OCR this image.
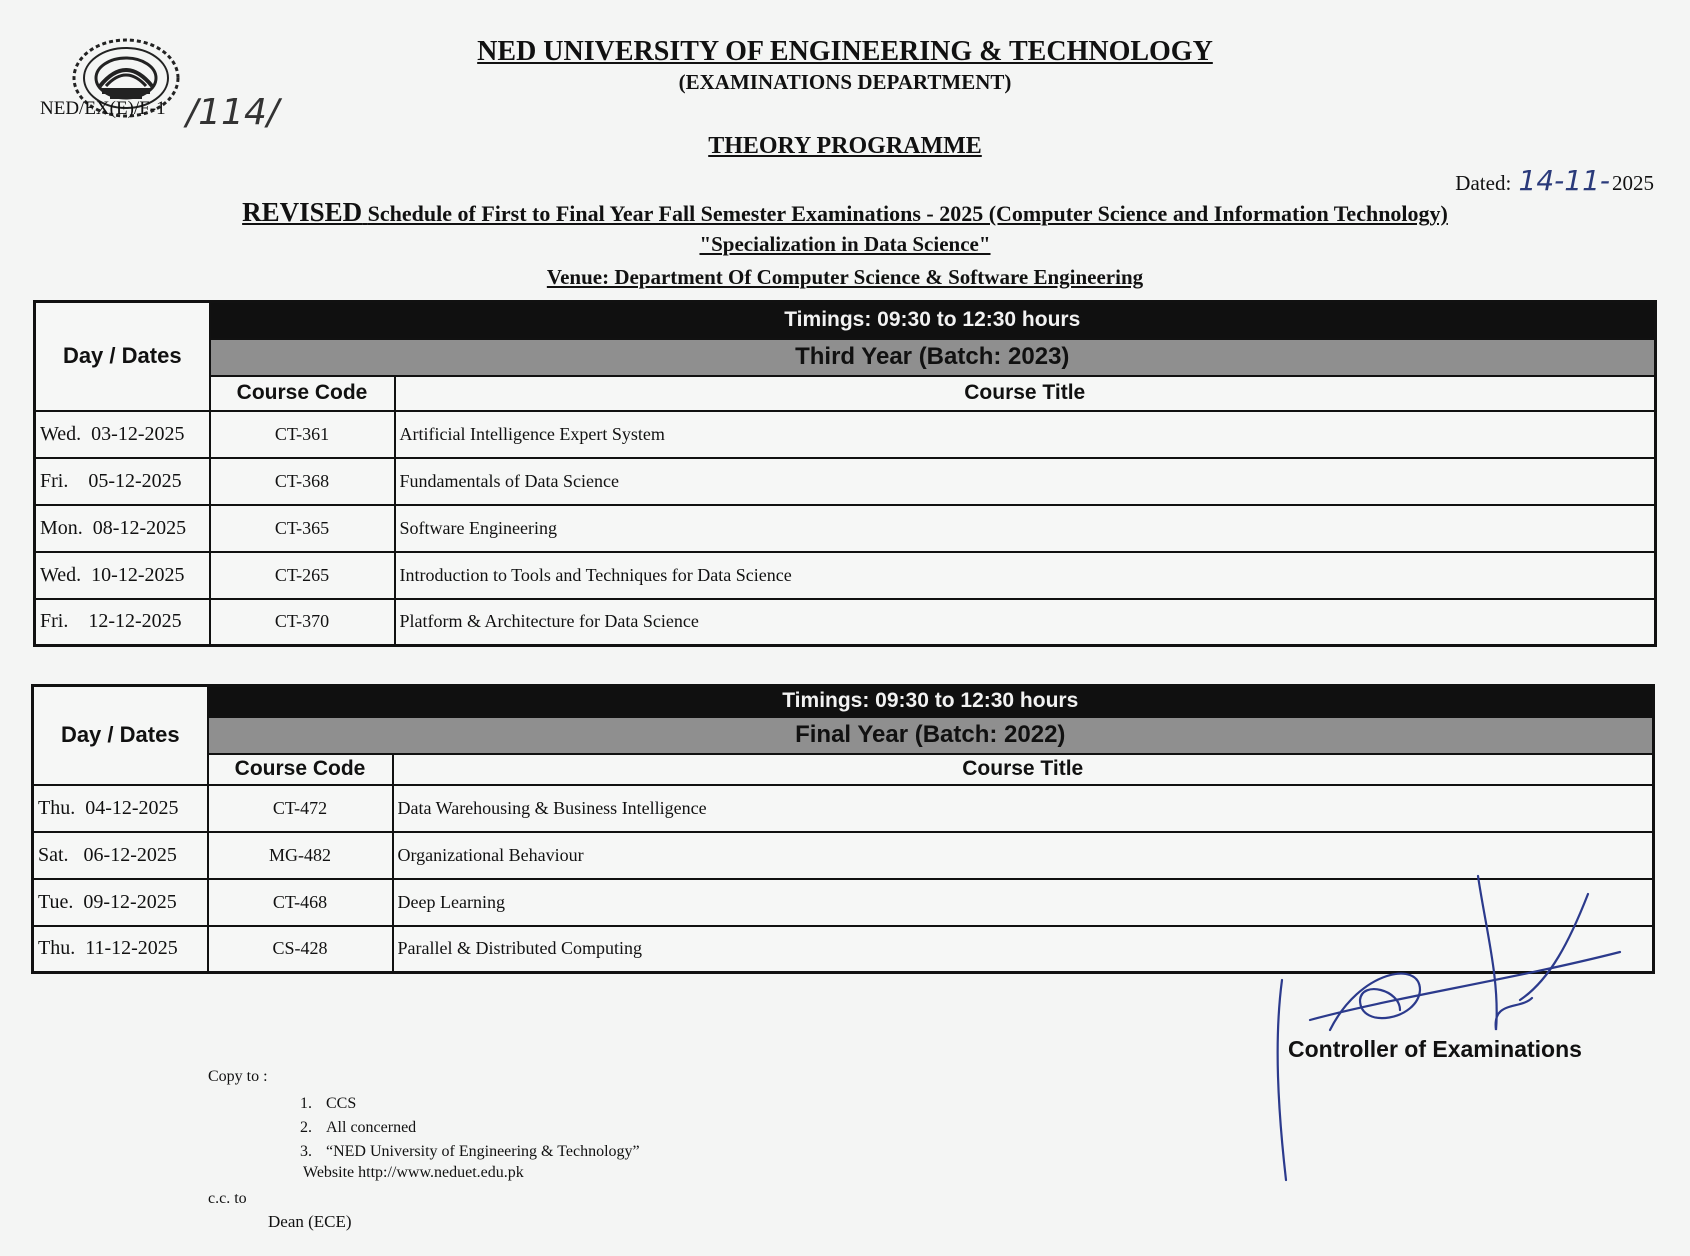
NED/EX(E)/F-1 /114/
NED UNIVERSITY OF ENGINEERING & TECHNOLOGY
(EXAMINATIONS DEPARTMENT)
THEORY PROGRAMME
Dated: 14-11-2025
REVISED Schedule of First to Final Year Fall Semester Examinations - 2025 (Computer Science and Information Technology)
"Specialization in Data Science"
Venue: Department Of Computer Science & Software Engineering
Day / Dates	Timings: 09:30 to 12:30 hours	
	Third Year (Batch: 2023)	
	Course Code	Course Title
Wed.  03-12-2025	CT-361	Artificial Intelligence Expert System
Fri.    05-12-2025	CT-368	Fundamentals of Data Science
Mon.  08-12-2025	CT-365	Software Engineering
Wed.  10-12-2025	CT-265	Introduction to Tools and Techniques for Data Science
Fri.    12-12-2025	CT-370	Platform & Architecture for Data Science
Day / Dates	Timings: 09:30 to 12:30 hours	
	Final Year (Batch: 2022)	
	Course Code	Course Title
Thu.  04-12-2025	CT-472	Data Warehousing & Business Intelligence
Sat.   06-12-2025	MG-482	Organizational Behaviour
Tue.  09-12-2025	CT-468	Deep Learning
Thu.  11-12-2025	CS-428	Parallel & Distributed Computing
Controller of Examinations
Copy to :
1. CCS
2. All concerned
3. “NED University of Engineering & Technology”
Website http://www.neduet.edu.pk
c.c. to
Dean (ECE)
